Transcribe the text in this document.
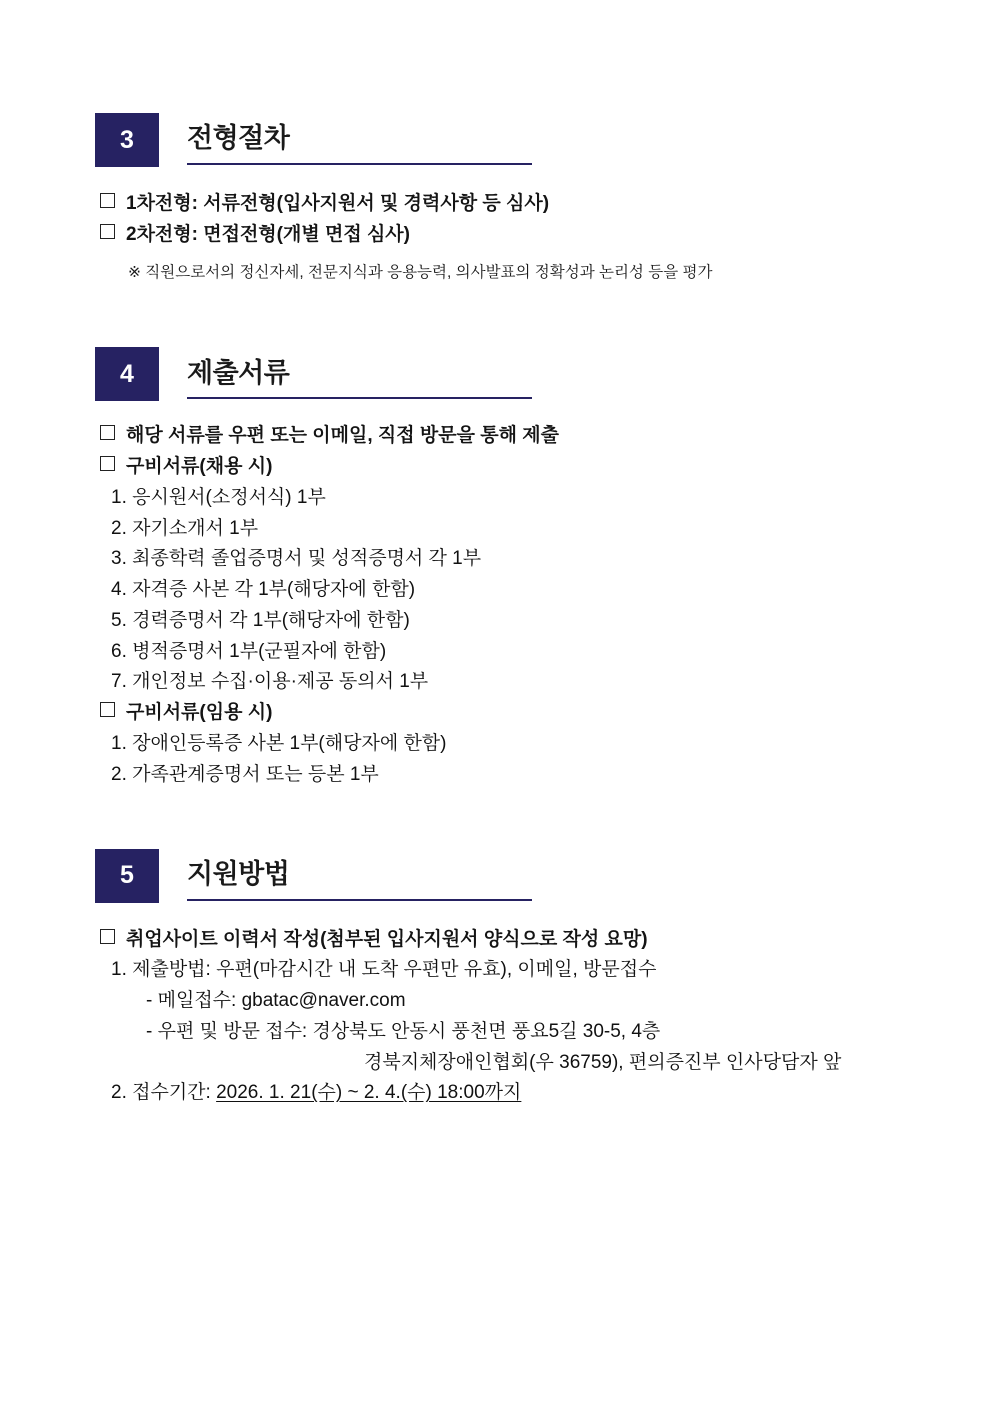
3	전형절차
1차전형: 서류전형(입사지원서 및 경력사항 등 심사)
2차전형: 면접전형(개별 면접 심사)
※ 직원으로서의 정신자세, 전문지식과 응용능력, 의사발표의 정확성과 논리성 등을 평가
4	제출서류
해당 서류를 우편 또는 이메일, 직접 방문을 통해 제출
구비서류(채용 시)
1. 응시원서(소정서식) 1부
2. 자기소개서 1부
3. 최종학력 졸업증명서 및 성적증명서 각 1부
4. 자격증 사본 각 1부(해당자에 한함)
5. 경력증명서 각 1부(해당자에 한함)
6. 병적증명서 1부(군필자에 한함)
7. 개인정보 수집·이용·제공 동의서 1부
구비서류(임용 시)
1. 장애인등록증 사본 1부(해당자에 한함)
2. 가족관계증명서 또는 등본 1부
5	지원방법
취업사이트 이력서 작성(첨부된 입사지원서 양식으로 작성 요망)
1. 제출방법: 우편(마감시간 내 도착 우편만 유효), 이메일, 방문접수
- 메일접수: gbatac@naver.com
- 우편 및 방문 접수: 경상북도 안동시 풍천면 풍요5길 30-5, 4층
경북지체장애인협회(우 36759), 편의증진부 인사당담자 앞
2. 접수기간: 2026. 1. 21(수) ~ 2. 4.(수) 18:00까지
